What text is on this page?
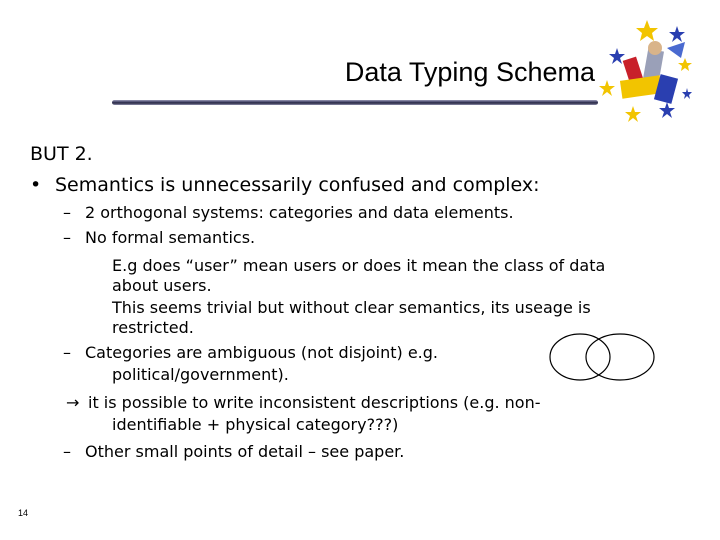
Data Typing Schema
BUT 2.
• Semantics is unnecessarily confused and complex:
– 2 orthogonal systems: categories and data elements.
– No formal semantics.
E.g does “user” mean users or does it mean the class of data
about users.
This seems trivial but without clear semantics, its useage is
restricted.
– Categories are ambiguous (not disjoint) e.g.
political/government).
→ it is possible to write inconsistent descriptions (e.g. non-
identifiable + physical category???)
– Other small points of detail – see paper.
14
